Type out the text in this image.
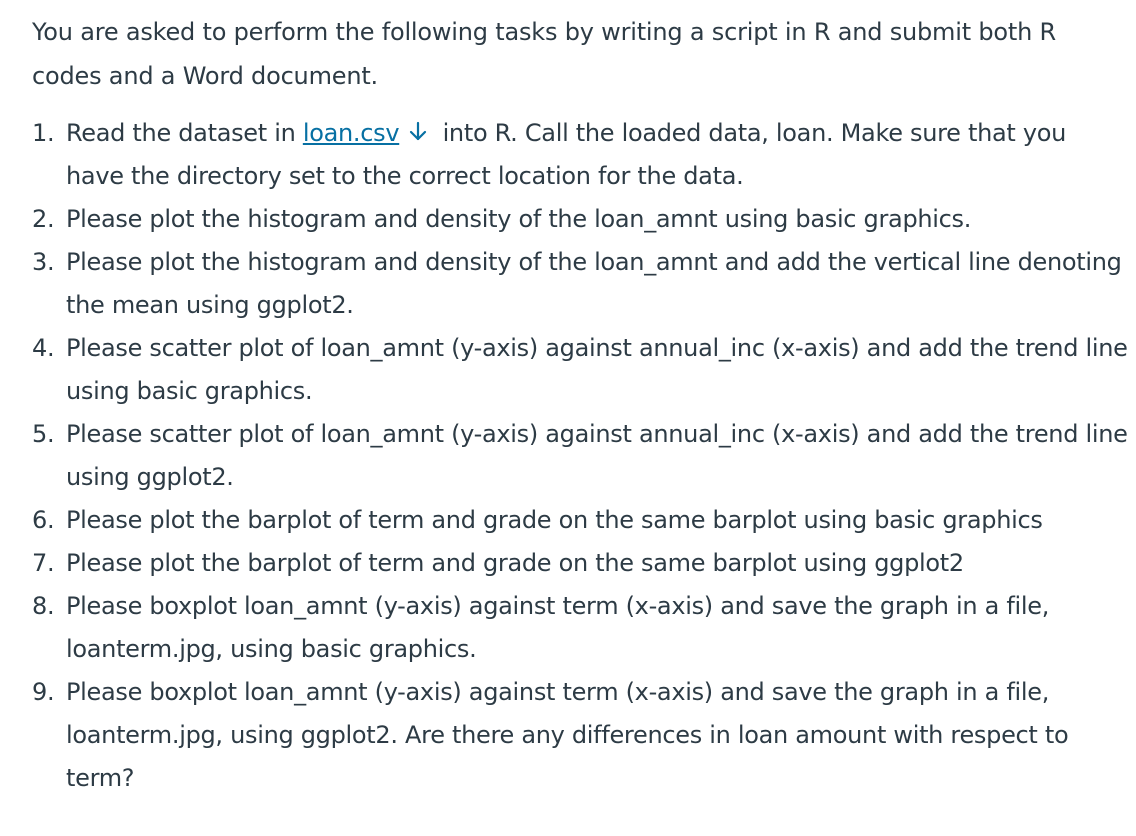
You are asked to perform the following tasks by writing a script in R and submit both R codes and a Word document.

Read the dataset in loan.csv
into R. Call the loaded data, loan. Make sure that you have the directory set to the correct location for the data.
Please plot the histogram and density of the loan_amnt using basic graphics.
Please plot the histogram and density of the loan_amnt and add the vertical line denoting the mean using ggplot2.
Please scatter plot of loan_amnt (y-axis) against annual_inc (x-axis) and add the trend line using basic graphics.
Please scatter plot of loan_amnt (y-axis) against annual_inc (x-axis) and add the trend line using ggplot2.
Please plot the barplot of term and grade on the same barplot using basic graphics
Please plot the barplot of term and grade on the same barplot using ggplot2
Please boxplot loan_amnt (y-axis) against term (x-axis) and save the graph in a file, loanterm.jpg, using basic graphics.
Please boxplot loan_amnt (y-axis) against term (x-axis) and save the graph in a file, loanterm.jpg, using ggplot2. Are there any differences in loan amount with respect to term?
